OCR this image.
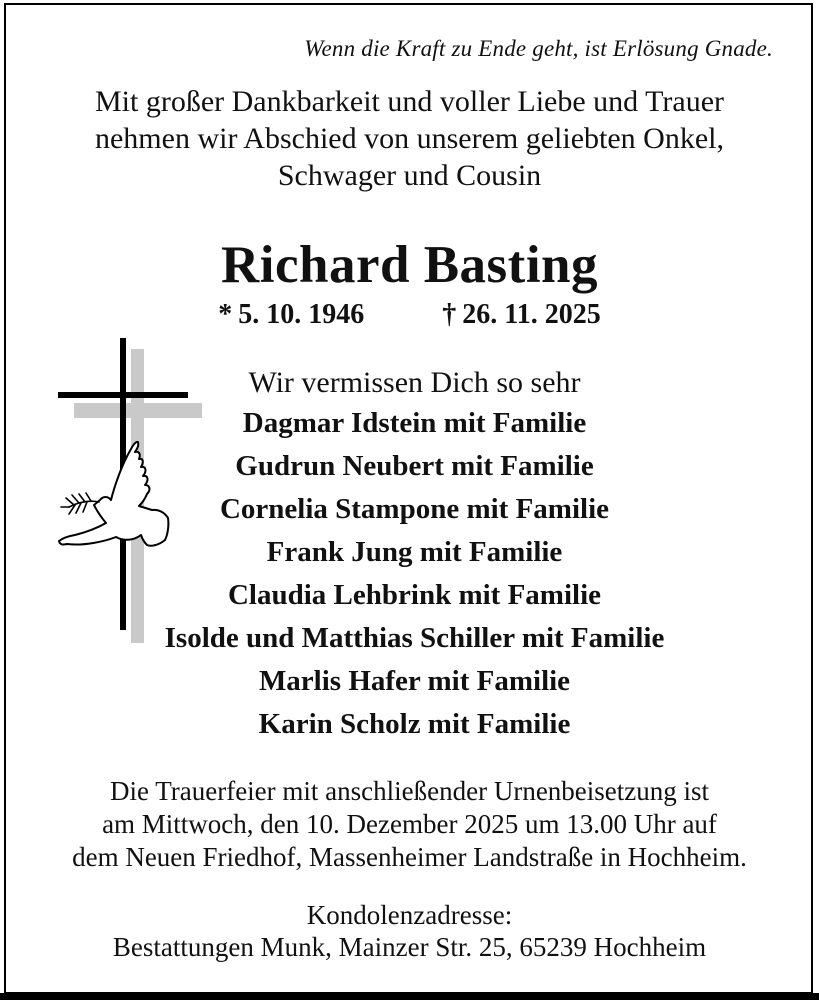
Wenn die Kraft zu Ende geht, ist Erlösung Gnade.
Mit großer Dankbarkeit und voller Liebe und Trauer
nehmen wir Abschied von unserem geliebten Onkel,
Schwager und Cousin
Richard Basting
* 5. 10. 1946	† 26. 11. 2025
Wir vermissen Dich so sehr
Dagmar Idstein mit Familie
Gudrun Neubert mit Familie
Cornelia Stampone mit Familie
Frank Jung mit Familie
Claudia Lehbrink mit Familie
Isolde und Matthias Schiller mit Familie
Marlis Hafer mit Familie
Karin Scholz mit Familie
Die Trauerfeier mit anschließender Urnenbeisetzung ist
am Mittwoch, den 10. Dezember 2025 um 13.00 Uhr auf
dem Neuen Friedhof, Massenheimer Landstraße in Hochheim.
Kondolenzadresse:
Bestattungen Munk, Mainzer Str. 25, 65239 Hochheim
